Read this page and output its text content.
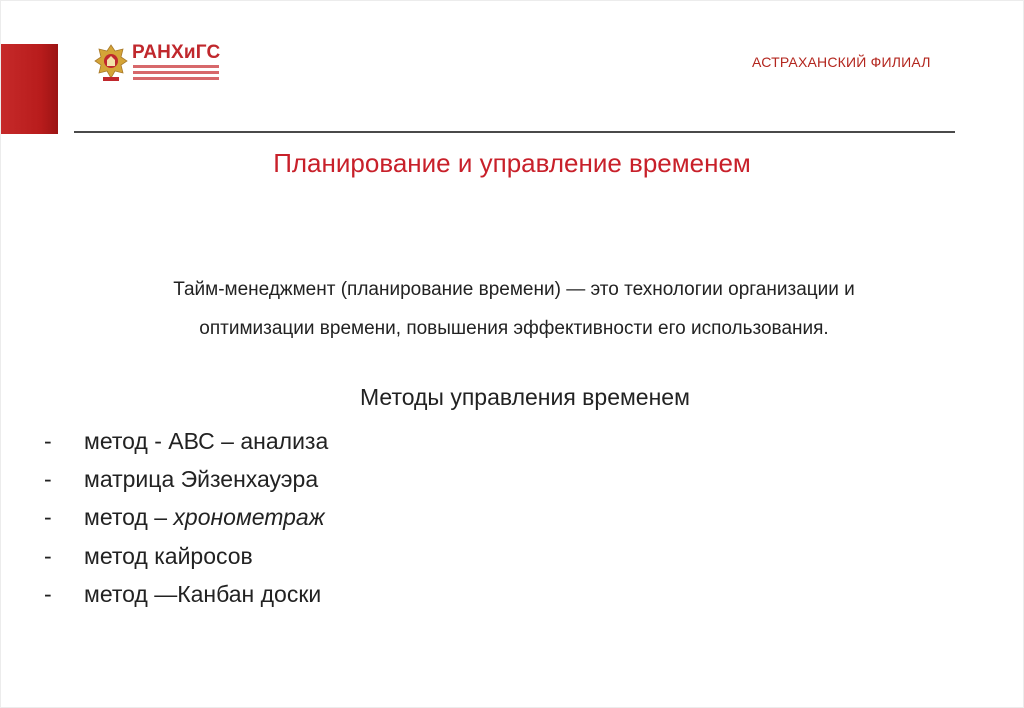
РАНХиГС	АСТРАХАНСКИЙ ФИЛИАЛ
Планирование и управление временем
Тайм-менеджмент (планирование времени) — это технологии организации и
оптимизации времени, повышения эффективности его использования.
Методы управления временем
- метод - АВС – анализа
- матрица Эйзенхауэра
- метод – хронометраж
- метод кайросов
- метод —Канбан доски
